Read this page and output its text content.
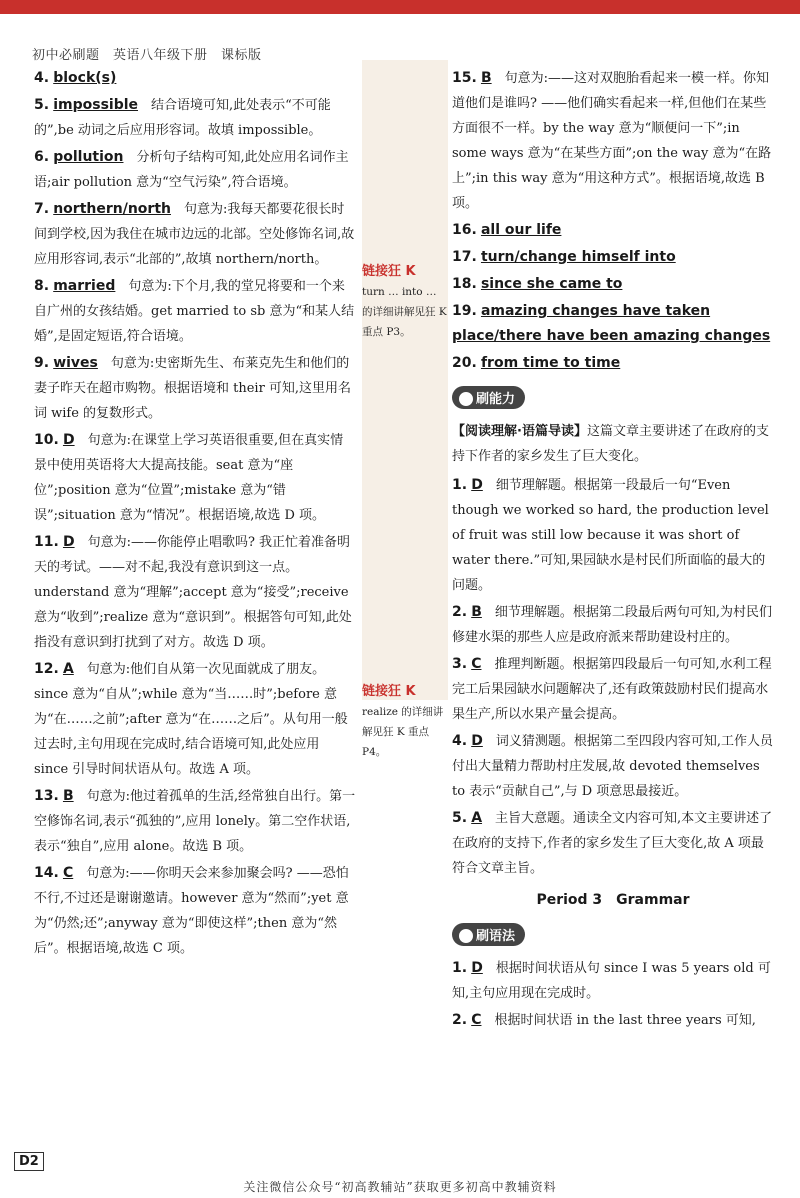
初中必刷题　英语八年级下册　课标版
4. block(s)
5. impossible　结合语境可知,此处表示“不可能的”,be 动词之后应用形容词。故填 impossible。
6. pollution　分析句子结构可知,此处应用名词作主语;air pollution 意为“空气污染”,符合语境。
7. northern/north　句意为:我每天都要花很长时间到学校,因为我住在城市边远的北部。空处修饰名词,故应用形容词,表示“北部的”,故填 northern/north。
8. married　句意为:下个月,我的堂兄将要和一个来自广州的女孩结婚。get married to sb 意为“和某人结婚”,是固定短语,符合语境。
9. wives　句意为:史密斯先生、布莱克先生和他们的妻子昨天在超市购物。根据语境和 their 可知,这里用名词 wife 的复数形式。
10. D　句意为:在课堂上学习英语很重要,但在真实情景中使用英语将大大提高技能。seat 意为“座位”;position 意为“位置”;mistake 意为“错误”;situation 意为“情况”。根据语境,故选 D 项。
11. D　句意为:——你能停止唱歌吗? 我正忙着准备明天的考试。——对不起,我没有意识到这一点。understand 意为“理解”;accept 意为“接受”;receive 意为“收到”;realize 意为“意识到”。根据答句可知,此处指没有意识到打扰到了对方。故选 D 项。
12. A　句意为:他们自从第一次见面就成了朋友。since 意为“自从”;while 意为“当……时”;before 意为“在……之前”;after 意为“在……之后”。从句用一般过去时,主句用现在完成时,结合语境可知,此处应用 since 引导时间状语从句。故选 A 项。
13. B　句意为:他过着孤单的生活,经常独自出行。第一空修饰名词,表示“孤独的”,应用 lonely。第二空作状语,表示“独自”,应用 alone。故选 B 项。
14. C　句意为:——你明天会来参加聚会吗? ——恐怕不行,不过还是谢谢邀请。however 意为“然而”;yet 意为“仍然;还”;anyway 意为“即使这样”;then 意为“然后”。根据语境,故选 C 项。
链接狂 K
turn … into … 的详细讲解见狂 K 重点 P3。
链接狂 K
realize 的详细讲解见狂 K 重点 P4。
15. B　句意为:——这对双胞胎看起来一模一样。你知道他们是谁吗? ——他们确实看起来一样,但他们在某些方面很不一样。by the way 意为“顺便问一下”;in some ways 意为“在某些方面”;on the way 意为“在路上”;in this way 意为“用这种方式”。根据语境,故选 B 项。
16. all our life
17. turn/change himself into
18. since she came to
19. amazing changes have taken place/there have been amazing changes
20. from time to time
刷能力
【阅读理解·语篇导读】这篇文章主要讲述了在政府的支持下作者的家乡发生了巨大变化。
1. D　细节理解题。根据第一段最后一句“Even though we worked so hard, the production level of fruit was still low because it was short of water there.”可知,果园缺水是村民们所面临的最大的问题。
2. B　细节理解题。根据第二段最后两句可知,为村民们修建水渠的那些人应是政府派来帮助建设村庄的。
3. C　推理判断题。根据第四段最后一句可知,水利工程完工后果园缺水问题解决了,还有政策鼓励村民们提高水果生产,所以水果产量会提高。
4. D　词义猜测题。根据第二至四段内容可知,工作人员付出大量精力帮助村庄发展,故 devoted themselves to 表示“贡献自己”,与 D 项意思最接近。
5. A　主旨大意题。通读全文内容可知,本文主要讲述了在政府的支持下,作者的家乡发生了巨大变化,故 A 项最符合文章主旨。
Period 3　Grammar
刷语法
1. D　根据时间状语从句 since I was 5 years old 可知,主句应用现在完成时。
2. C　根据时间状语 in the last three years 可知,
D2
关注微信公众号“初高教辅站”获取更多初高中教辅资料
